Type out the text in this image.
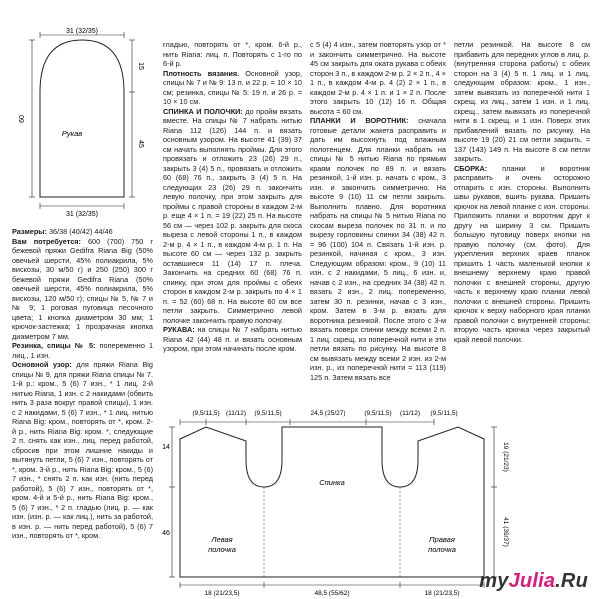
31 (32/35)
60
15
45
Рукав
31 (32/35)

Размеры: 36/38 (40/42) 44/46

Вам потребуется: 600 (700) 750 г бежевой пряжи Gedifra Riana Big (50% овечьей шерсти, 45% полиакрила, 5% вискозы, 30 м/50 г) и 250 (250) 300 г бежевой пряжи Gedifra Riana (50% овечьей шерсти, 45% полиакрила, 5% вискозы, 120 м/50 г); спицы № 5, № 7 и № 9; 1 роговая пуговица песочного цвета; 1 кнопка диаметром 30 мм; 1 крючок-застежка; 1 прозрачная кнопка диаметром 7 мм.

Резинка, спицы № 5: попеременно 1 лиц., 1 изн.

Основной узор: для пряжи Riana Big спицы № 9, для пряжи Riana спицы № 7. 1-й р.: кром., 5 (6) 7 изн., * 1 лиц. 2-й нитью Riana, 1 изн. с 2 накидами (обвить нить 3 раза вокруг правой спицы), 1 изн. с 2 накидами, 5 (6) 7 изн., * 1 лиц. нитью Riana Big: кром., повторять от *, кром. 2-й р., нить Riana Big: кром. *, следующие 2 п. снять как изн., лиц. перед работой, сбросив при этом лишние накиды и вытянуть петли, 5 (6) 7 изн., повторять от *, кром. 3-й р., нить Riana Big: кром., 5 (6) 7 изн., * снять 2 п. как изн. (нить перед работой), 5 (6) 7 изн., повторять от *, кром. 4-й и 5-й р., нить Riana Big: кром., 5 (6) 7 изн., * 2 п. гладью (лиц. р. — как изн. (изн. р. — как лиц.), нить за работой, в изн. р. — нить перед работой), 5 (6) 7 изн., повторять от *, кром.

гладью, повторять от *, кром. 6-й р., нить Riana: лиц. п. Повторять с 1-го по 6-й р.

Плотность вязания. Основной узор, спицы № 7 и № 9: 13 п. и 22 р. = 10 × 10 см; резинка, спицы № 5: 19 п. и 26 р. = 10 × 10 см.

СПИНКА И ПОЛОЧКИ: до пройм вязать вместе. На спицы № 7 набрать нитью Riana 112 (126) 144 п. и вязать основным узором. На высоте 41 (39) 37 см начать выполнять проймы. Для этого провязать и отложить 23 (26) 29 п., закрыть 3 (4) 5 п., провязать и отложить 60 (68) 76 п., закрыть 3 (4) 5 п. На следующих 23 (26) 29 п. закончить левую полочку, при этом закрыть для проймы с правой стороны в каждом 2-м р. еще 4 × 1 п. = 19 (22) 25 п. На высоте 56 см — через 102 р. закрыть для скоса выреза с левой стороны 1 п., в каждом 2-м р. 4 × 1 п., в каждом 4-м р. 1 п. На высоте 60 см — через 132 р. закрыть оставшиеся 11 (14) 17 п. плеча. Закончить на средних 60 (68) 76 п. спинку, при этом для проймы с обеих сторон в каждом 2-м р. закрыть по 4 × 1 п. = 52 (60) 68 п. На высоте 60 см все петли закрыть. Симметрично левой полочке закончить правую полочку.

РУКАВА: на спицы № 7 набрать нитью Riana 42 (44) 48 п. и вязать основным узором, при этом начинать после кром.

с 5 (4) 4 изн., затем повторять узор от * и закончить симметрично. На высоте 45 см закрыть для оката рукава с обеих сторон 3 п., в каждом 2-м р. 2 × 2 п., 4 × 1 п., в каждом 4-м р. 4 (2) 2 × 1 п., в каждом 2-м р. 4 × 1 п. и 1 × 2 п. После этого закрыть 10 (12) 16 п. Общая высота = 60 см.

ПЛАНКИ И ВОРОТНИК: сначала готовые детали жакета расправить и дать им высохнуть под влажным полотенцем. Для планки набрать на спицы № 5 нитью Riana по прямым краям полочек по 89 п. и вязать резинкой, 1-й изн. р. начать с кром., 3 изн. и закончить симметрично. На высоте 9 (10) 11 см петли закрыть. Выполнить плавно. Для воротника набрать на спицы № 5 нитью Riana по скосам выреза полочек по 31 п. и по вырезу горловины спинки 34 (38) 42 п. = 96 (100) 104 п. Связать 1-й изн. р. резинкой, начиная с кром., 3 изн. Следующим образом: кром., 9 (10) 11 изн. с 2 накидами, 5 лиц., 6 изн. и, начав с 2 изн., на средних 34 (38) 42 п. вязать 2 изн., 2 лиц. попеременно, затем 30 п. резинки, начав с 3 изн., кром. Затем в 3-м р. вязать для воротника резинкой. После этого с 3-м вязать поверх спинки между всеми 2 п. 1 лиц. скрещ. из поперечной нити и эти петли вязать по рисунку. На высоте 8 см вывязать между всеми 2 изн. из 2-м изн. р., из поперечной нити = 113 (119) 125 п. Затем вязать все

петли резинкой. На высоте 8 см прибавить для передних углов в лиц. р. (внутренняя сторона работы) с обеих сторон на 3 (4) 5 п. 1 лиц. и 1 лиц. следующим образом: кром., 1 изн., затем вывязать из поперечной нити 1 скрещ. из лиц., затем 1 изн. и 1 лиц. скрещ., затем вывязать из поперечной нити в 1 скрещ. и 1 изн. Поверх этих прибавлений вязать по рисунку. На высоте 19 (20) 21 см петли закрыть. = 137 (143) 149 п. На высоте 8 см петли закрыть.

СБОРКА: планки и воротник расправить и очень осторожно отпарить с изн. стороны. Выполнить швы рукавов, вшить рукава. Пришить крючок на левой планке с изн. стороны. Приложить планки и воротник друг к другу на ширину 3 см. Пришить большую пуговицу поверх кнопки на правую полочку (см. фото). Для укрепления верхних краев планок пришить 1 часть маленькой кнопки к внешнему верхнему краю правой полочки с внешней стороны, другую часть к верхнему краю планки левой полочки с внешней стороны. Пришить крючок к верху наборного края планки правой полочки с внутренней стороны; вторую часть крючка через закрытый край левой полочки.

(9,5/11,5) (11/12) (9,5/11,5)	24,5 (25/27)	(9,5/11,5) (11/12) (9,5/11,5)
14
46
19 (21/23)
41 (39/37)
Спинка
Левая
полочка
Правая
полочка
18 (21/23,5)	48,5 (55/62)	18 (21/23,5)
myJulia.Ru
